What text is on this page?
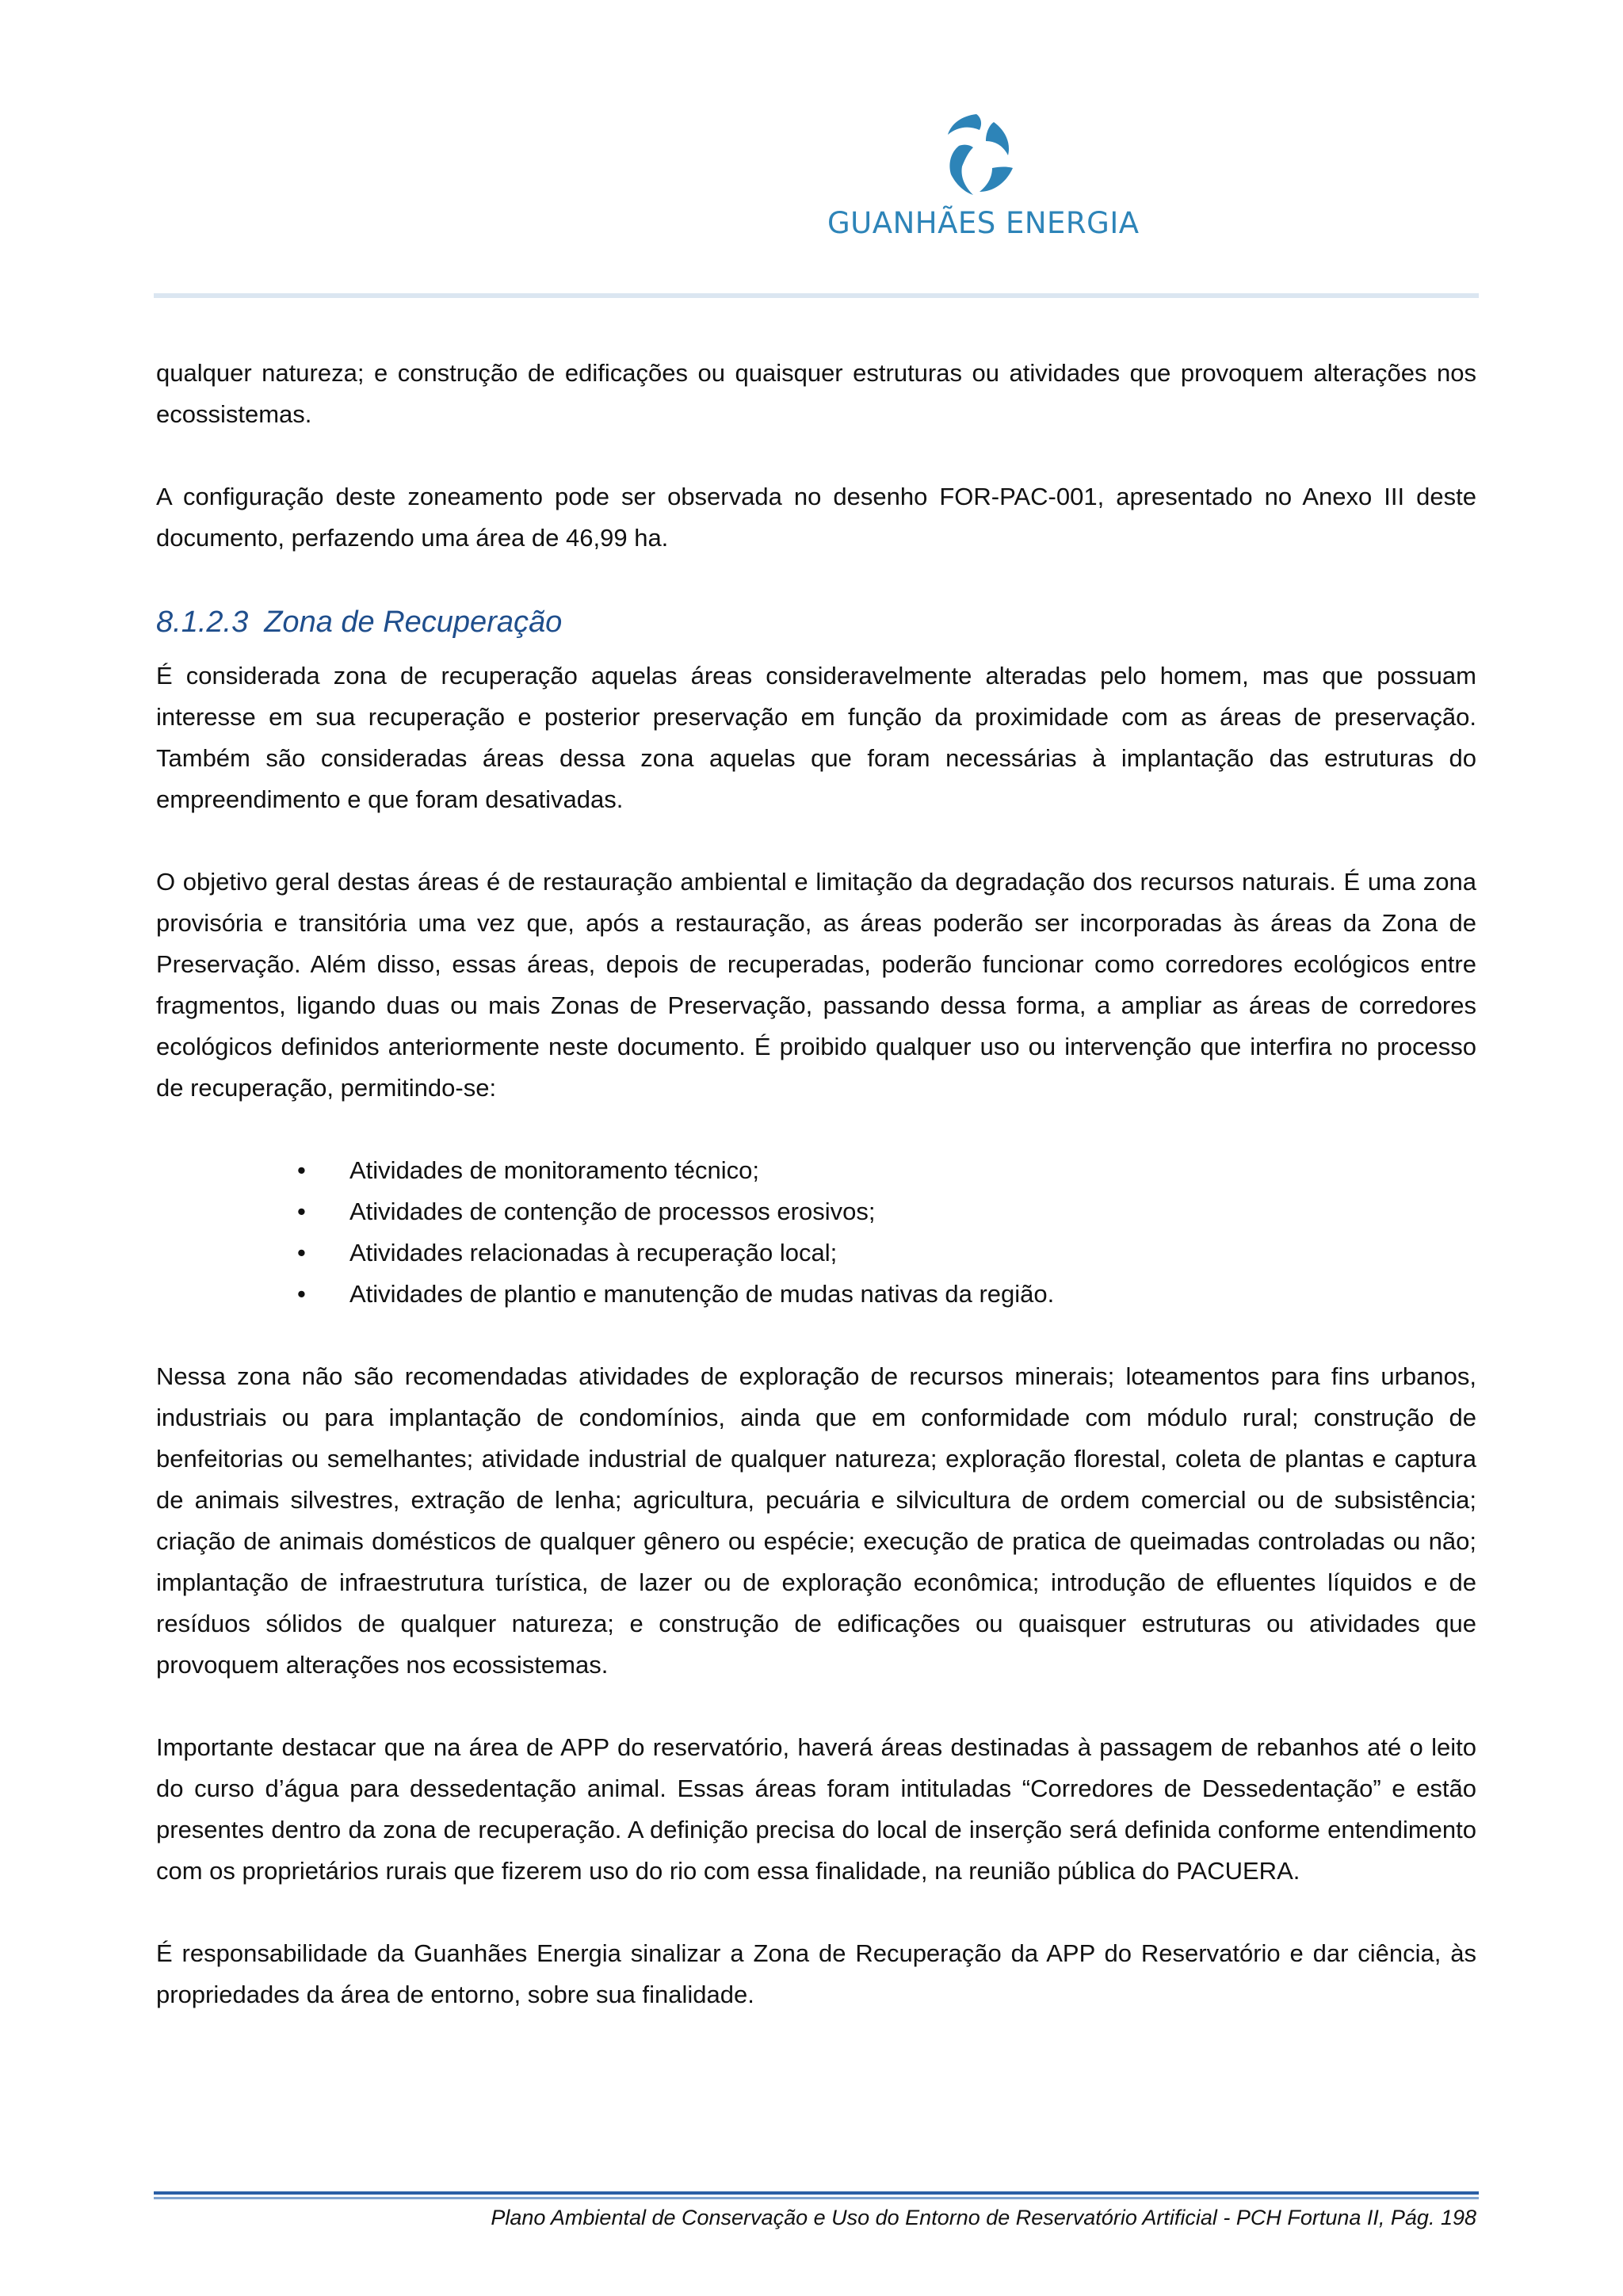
GUANHÃES ENERGIA

qualquer natureza; e construção de edificações ou quaisquer estruturas ou atividades que provoquem alterações nos ecossistemas.

A configuração deste zoneamento pode ser observada no desenho FOR-PAC-001, apresentado no Anexo III deste documento, perfazendo uma área de 46,99 ha.

8.1.2.3 Zona de Recuperação

É considerada zona de recuperação aquelas áreas consideravelmente alteradas pelo homem, mas que possuam interesse em sua recuperação e posterior preservação em função da proximidade com as áreas de preservação. Também são consideradas áreas dessa zona aquelas que foram necessárias à implantação das estruturas do empreendimento e que foram desativadas.

O objetivo geral destas áreas é de restauração ambiental e limitação da degradação dos recursos naturais. É uma zona provisória e transitória uma vez que, após a restauração, as áreas poderão ser incorporadas às áreas da Zona de Preservação. Além disso, essas áreas, depois de recuperadas, poderão funcionar como corredores ecológicos entre fragmentos, ligando duas ou mais Zonas de Preservação, passando dessa forma, a ampliar as áreas de corredores ecológicos definidos anteriormente neste documento. É proibido qualquer uso ou intervenção que interfira no processo de recuperação, permitindo-se:

• Atividades de monitoramento técnico;
• Atividades de contenção de processos erosivos;
• Atividades relacionadas à recuperação local;
• Atividades de plantio e manutenção de mudas nativas da região.

Nessa zona não são recomendadas atividades de exploração de recursos minerais; loteamentos para fins urbanos, industriais ou para implantação de condomínios, ainda que em conformidade com módulo rural; construção de benfeitorias ou semelhantes; atividade industrial de qualquer natureza; exploração florestal, coleta de plantas e captura de animais silvestres, extração de lenha; agricultura, pecuária e silvicultura de ordem comercial ou de subsistência; criação de animais domésticos de qualquer gênero ou espécie; execução de pratica de queimadas controladas ou não; implantação de infraestrutura turística, de lazer ou de exploração econômica; introdução de efluentes líquidos e de resíduos sólidos de qualquer natureza; e construção de edificações ou quaisquer estruturas ou atividades que provoquem alterações nos ecossistemas.

Importante destacar que na área de APP do reservatório, haverá áreas destinadas à passagem de rebanhos até o leito do curso d’água para dessedentação animal. Essas áreas foram intituladas “Corredores de Dessedentação” e estão presentes dentro da zona de recuperação. A definição precisa do local de inserção será definida conforme entendimento com os proprietários rurais que fizerem uso do rio com essa finalidade, na reunião pública do PACUERA.

É responsabilidade da Guanhães Energia sinalizar a Zona de Recuperação da APP do Reservatório e dar ciência, às propriedades da área de entorno, sobre sua finalidade.

Plano Ambiental de Conservação e Uso do Entorno de Reservatório Artificial - PCH Fortuna II, Pág. 198
